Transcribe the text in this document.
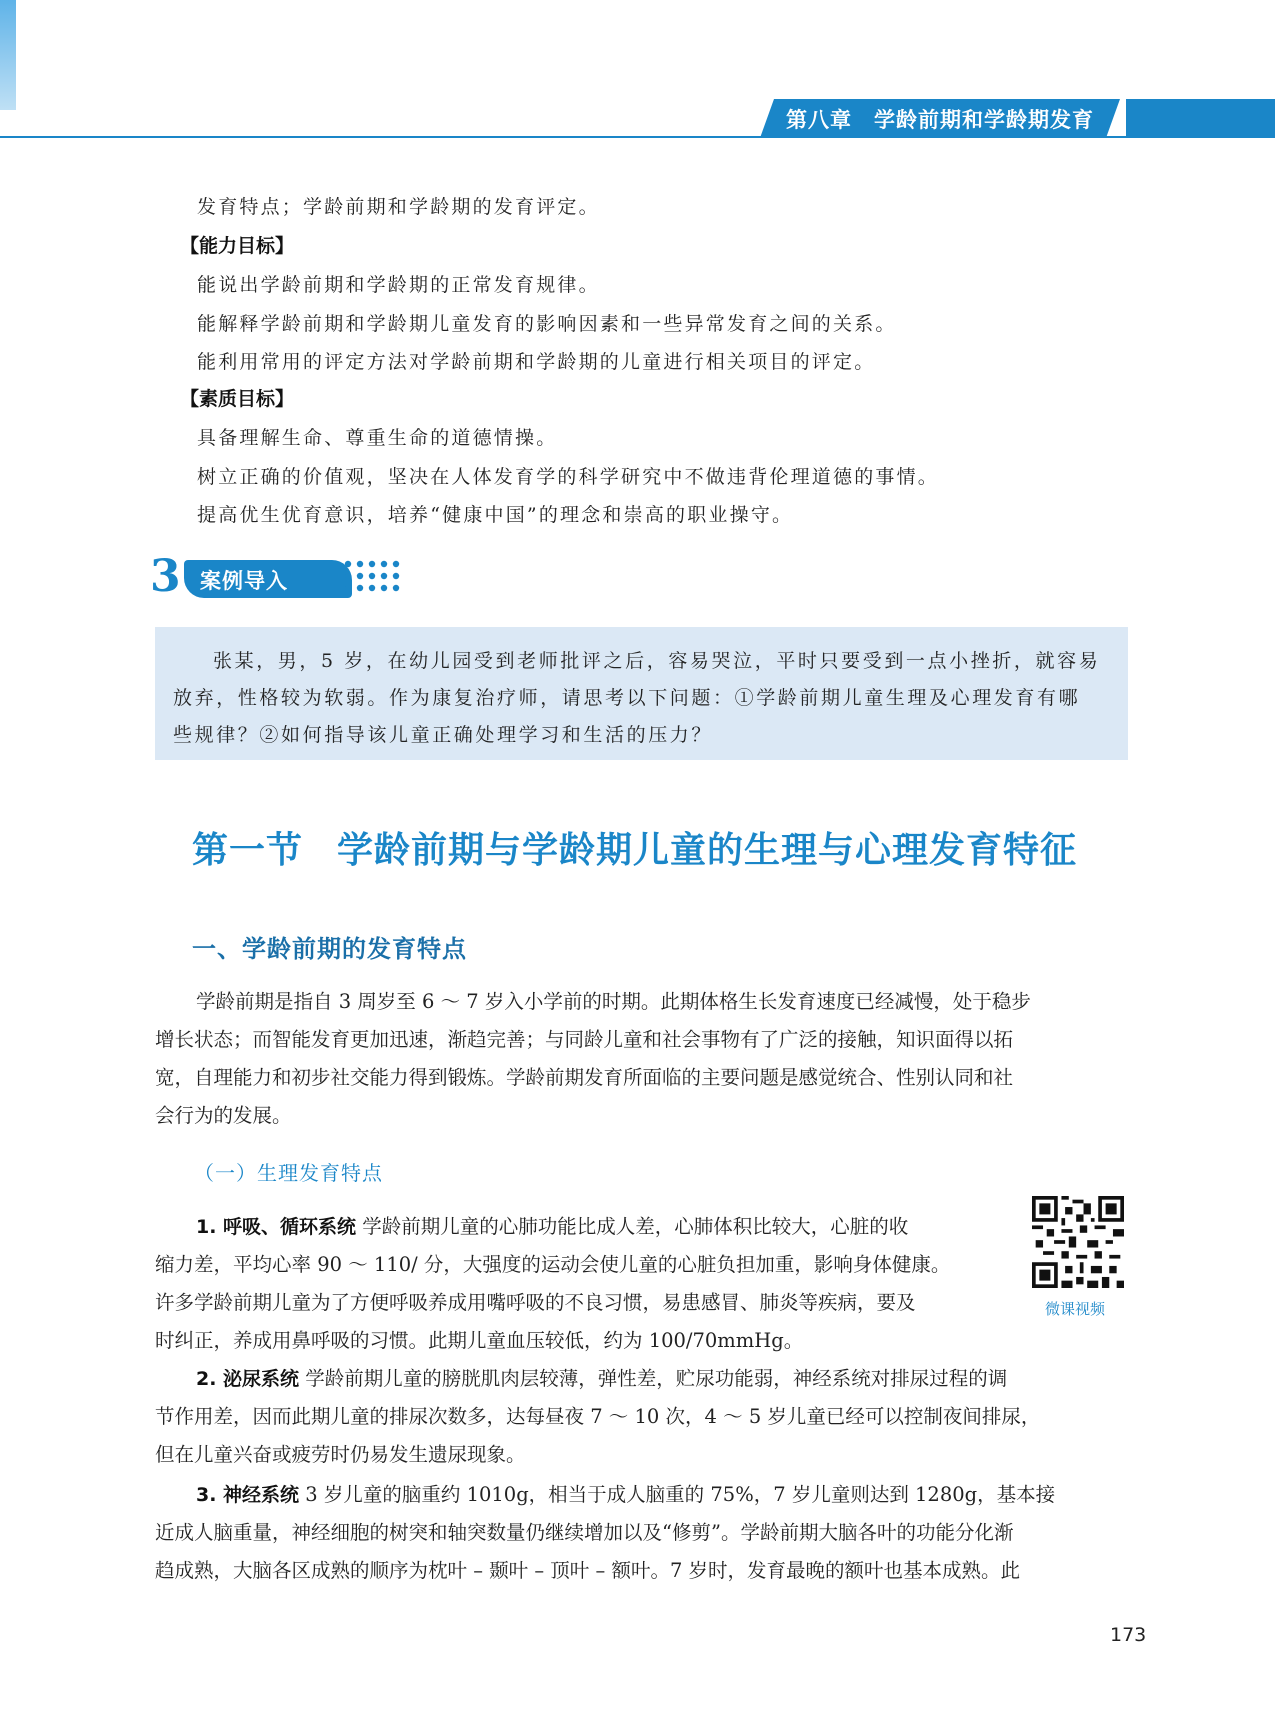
第八章 学龄前期和学龄期发育
发育特点；学龄前期和学龄期的发育评定。
【能力目标】
能说出学龄前期和学龄期的正常发育规律。
能解释学龄前期和学龄期儿童发育的影响因素和一些异常发育之间的关系。
能利用常用的评定方法对学龄前期和学龄期的儿童进行相关项目的评定。
【素质目标】
具备理解生命、尊重生命的道德情操。
树立正确的价值观，坚决在人体发育学的科学研究中不做违背伦理道德的事情。
提高优生优育意识，培养“健康中国”的理念和崇高的职业操守。
3 案例导入
张某，男，5 岁，在幼儿园受到老师批评之后，容易哭泣，平时只要受到一点小挫折，就容易
放弃，性格较为软弱。作为康复治疗师，请思考以下问题：①学龄前期儿童生理及心理发育有哪
些规律？②如何指导该儿童正确处理学习和生活的压力？
第一节 学龄前期与学龄期儿童的生理与心理发育特征
一、学龄前期的发育特点
学龄前期是指自 3 周岁至 6 ～ 7 岁入小学前的时期。此期体格生长发育速度已经减慢，处于稳步
增长状态；而智能发育更加迅速，渐趋完善；与同龄儿童和社会事物有了广泛的接触，知识面得以拓
宽，自理能力和初步社交能力得到锻炼。学龄前期发育所面临的主要问题是感觉统合、性别认同和社
会行为的发展。
（一）生理发育特点
1. 呼吸、循环系统 学龄前期儿童的心肺功能比成人差，心肺体积比较大，心脏的收
缩力差，平均心率 90 ～ 110/ 分，大强度的运动会使儿童的心脏负担加重，影响身体健康。
许多学龄前期儿童为了方便呼吸养成用嘴呼吸的不良习惯，易患感冒、肺炎等疾病，要及
时纠正，养成用鼻呼吸的习惯。此期儿童血压较低，约为 100/70mmHg。
微课视频
2. 泌尿系统 学龄前期儿童的膀胱肌肉层较薄，弹性差，贮尿功能弱，神经系统对排尿过程的调
节作用差，因而此期儿童的排尿次数多，达每昼夜 7 ～ 10 次，4 ～ 5 岁儿童已经可以控制夜间排尿，
但在儿童兴奋或疲劳时仍易发生遗尿现象。
3. 神经系统 3 岁儿童的脑重约 1010g，相当于成人脑重的 75%，7 岁儿童则达到 1280g，基本接
近成人脑重量，神经细胞的树突和轴突数量仍继续增加以及“修剪”。学龄前期大脑各叶的功能分化渐
趋成熟，大脑各区成熟的顺序为枕叶 – 颞叶 – 顶叶 – 额叶。7 岁时，发育最晚的额叶也基本成熟。此
173
